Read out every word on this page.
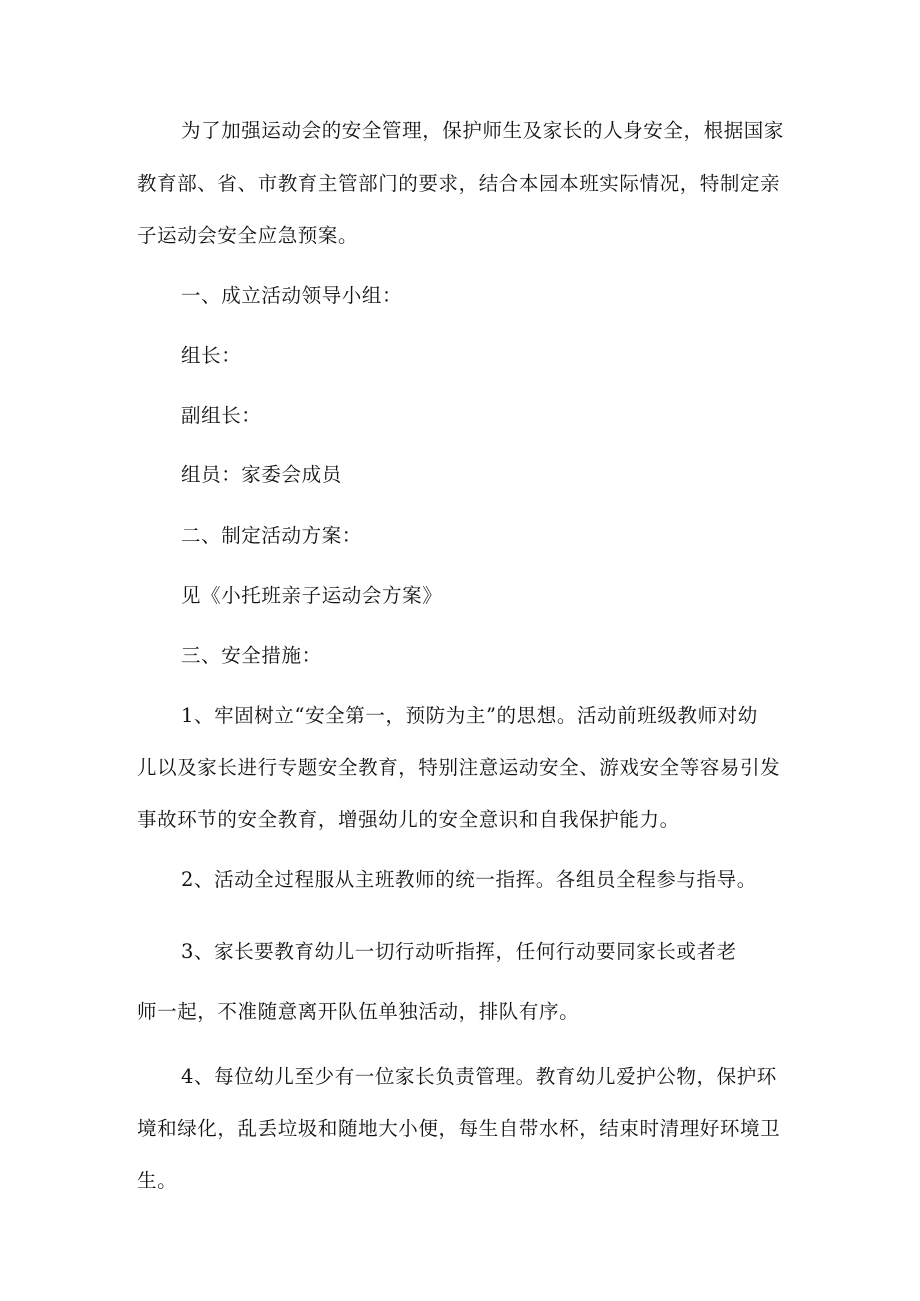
为了加强运动会的安全管理，保护师生及家长的人身安全，根据国家
教育部、省、市教育主管部门的要求，结合本园本班实际情况，特制定亲
子运动会安全应急预案。
一、成立活动领导小组：
组长：
副组长：
组员：家委会成员
二、制定活动方案：
见《小托班亲子运动会方案》
三、安全措施：
1、牢固树立“安全第一，预防为主”的思想。活动前班级教师对幼
儿以及家长进行专题安全教育，特别注意运动安全、游戏安全等容易引发
事故环节的安全教育，增强幼儿的安全意识和自我保护能力。
2、活动全过程服从主班教师的统一指挥。各组员全程参与指导。
3、家长要教育幼儿一切行动听指挥，任何行动要同家长或者老
师一起，不准随意离开队伍单独活动，排队有序。
4、每位幼儿至少有一位家长负责管理。教育幼儿爱护公物，保护环
境和绿化，乱丢垃圾和随地大小便，每生自带水杯，结束时清理好环境卫
生。
